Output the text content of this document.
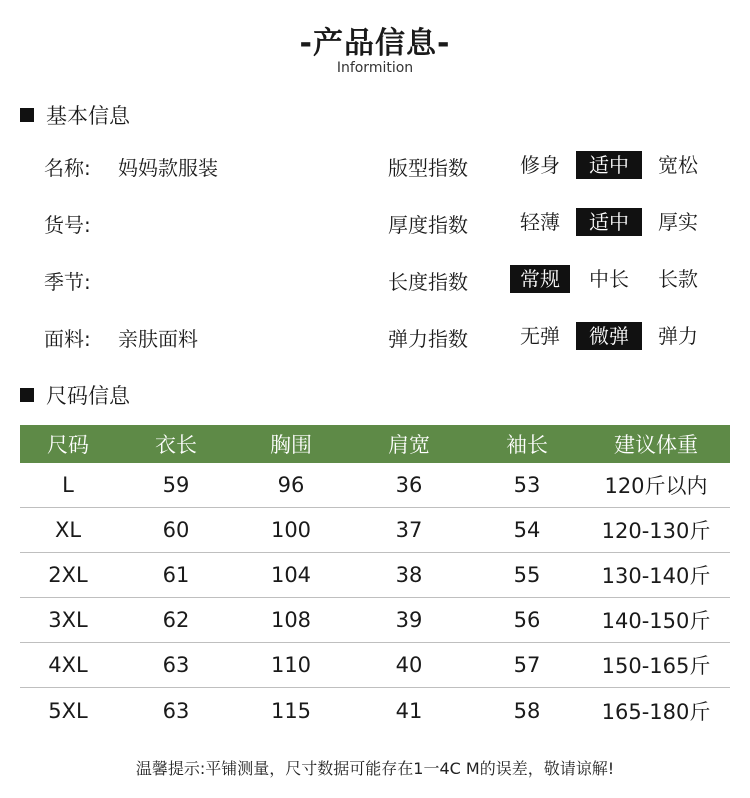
-产品信息-
Informition
基本信息
名称: 妈妈款服装
货号:
季节:
面料: 亲肤面料
版型指数	修身	适中	宽松
厚度指数	轻薄	适中	厚实
长度指数	常规	中长	长款
弹力指数	无弹	微弹	弹力
尺码信息
尺码	衣长	胸围	肩宽	袖长	建议体重
L	59	96	36	53	120斤以内
XL	60	100	37	54	120-130斤
2XL	61	104	38	55	130-140斤
3XL	62	108	39	56	140-150斤
4XL	63	110	40	57	150-165斤
5XL	63	115	41	58	165-180斤
温馨提示:平铺测量，尺寸数据可能存在1一4C M的误差，敬请谅解!
